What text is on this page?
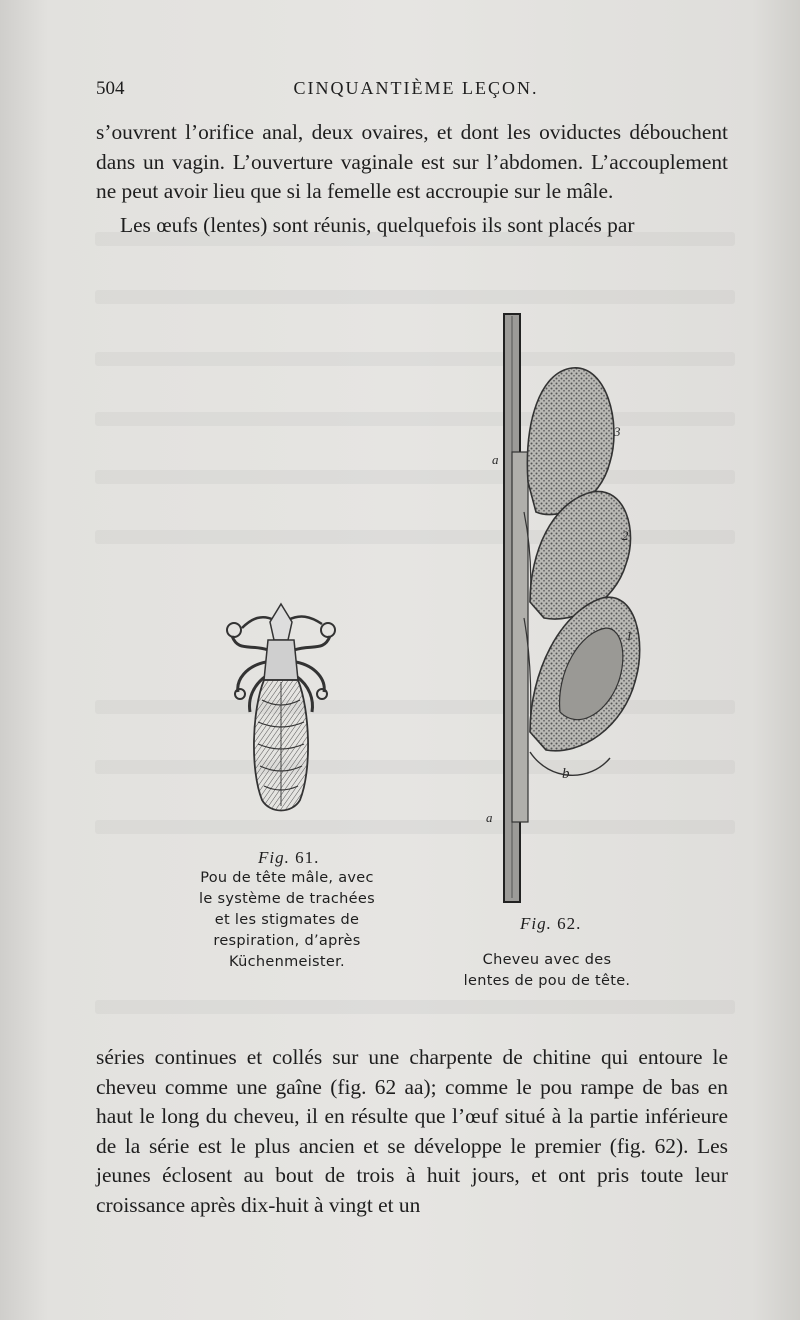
504	CINQUANTIÈME LEÇON.

s’ouvrent l’orifice anal, deux ovaires, et dont les oviductes débouchent dans un vagin. L’ouverture vaginale est sur l’abdomen. L’accouplement ne peut avoir lieu que si la femelle est accroupie sur le mâle.

Les œufs (lentes) sont réunis, quelquefois ils sont placés par

a
3
2
1
b
a
Fig. 61.
Pou de tête mâle, avec le système de trachées et les stigmates de respiration, d’après Küchenmeister.
Fig. 62.
Cheveu avec des lentes de pou de tête.

séries continues et collés sur une charpente de chitine qui entoure le cheveu comme une gaîne (fig. 62 aa); comme le pou rampe de bas en haut le long du cheveu, il en résulte que l’œuf situé à la partie inférieure de la série est le plus ancien et se développe le premier (fig. 62). Les jeunes éclosent au bout de trois à huit jours, et ont pris toute leur croissance après dix-huit à vingt et un
